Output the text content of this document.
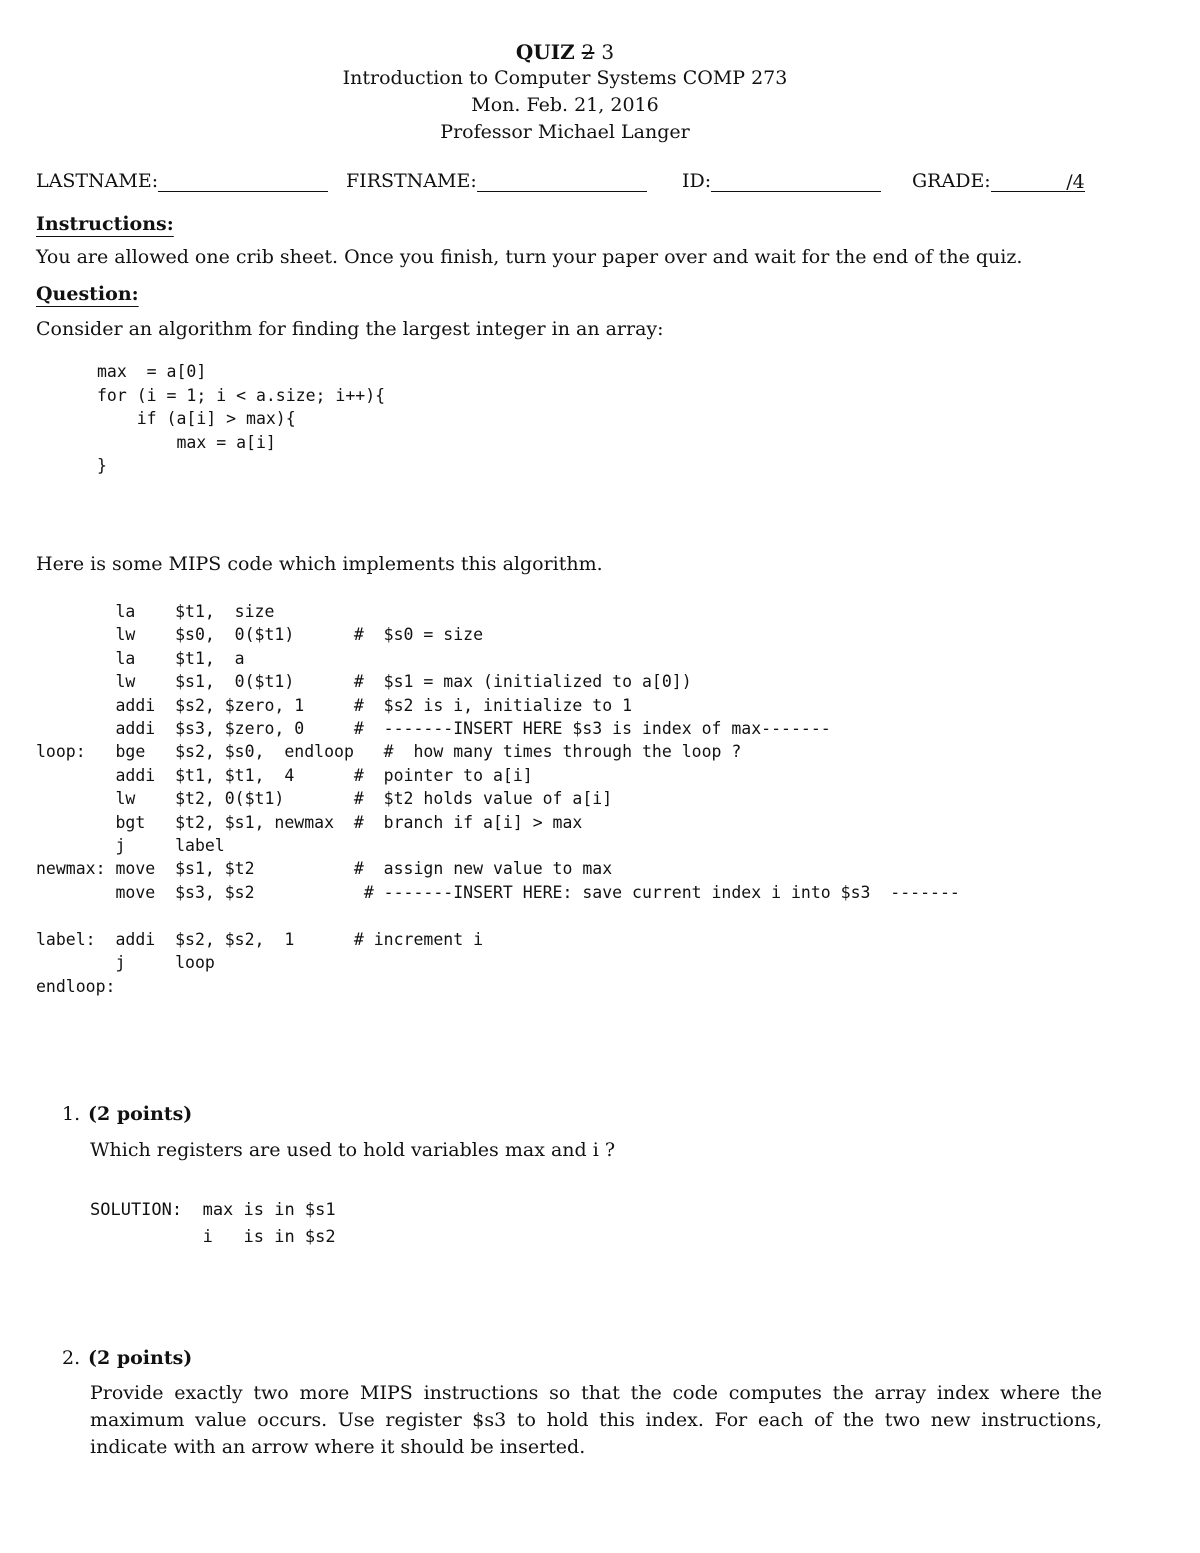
QUIZ 2 3
Introduction to Computer Systems COMP 273
Mon. Feb. 21, 2016
Professor Michael Langer
LASTNAME:	FIRSTNAME:	ID:	GRADE:	/4
Instructions:
You are allowed one crib sheet. Once you finish, turn your paper over and wait for the end of the quiz.
Question:
Consider an algorithm for finding the largest integer in an array:
max  = a[0]
for (i = 1; i < a.size; i++){
if (a[i] > max){
max = a[i]
}
Here is some MIPS code which implements this algorithm.
la    $t1,  size
lw    $s0,  0($t1)      #  $s0 = size
la    $t1,  a
lw    $s1,  0($t1)      #  $s1 = max (initialized to a[0])
addi  $s2, $zero, 1     #  $s2 is i, initialize to 1
addi  $s3, $zero, 0     #  -------INSERT HERE $s3 is index of max-------
loop:   bge   $s2, $s0,  endloop   #  how many times through the loop ?
addi  $t1, $t1,  4      #  pointer to a[i]
lw    $t2, 0($t1)       #  $t2 holds value of a[i]
bgt   $t2, $s1, newmax  #  branch if a[i] > max
j     label
newmax: move  $s1, $t2          #  assign new value to max
move  $s3, $s2           # -------INSERT HERE: save current index i into $s3  -------

label:  addi  $s2, $s2,  1      # increment i
j     loop
endloop:
1. (2 points)
Which registers are used to hold variables max and i ?
SOLUTION:  max is in $s1
i   is in $s2
2. (2 points)
Provide exactly two more MIPS instructions so that the code computes the array index where the maximum value occurs. Use register $s3 to hold this index. For each of the two new instructions, indicate with an arrow where it should be inserted.
